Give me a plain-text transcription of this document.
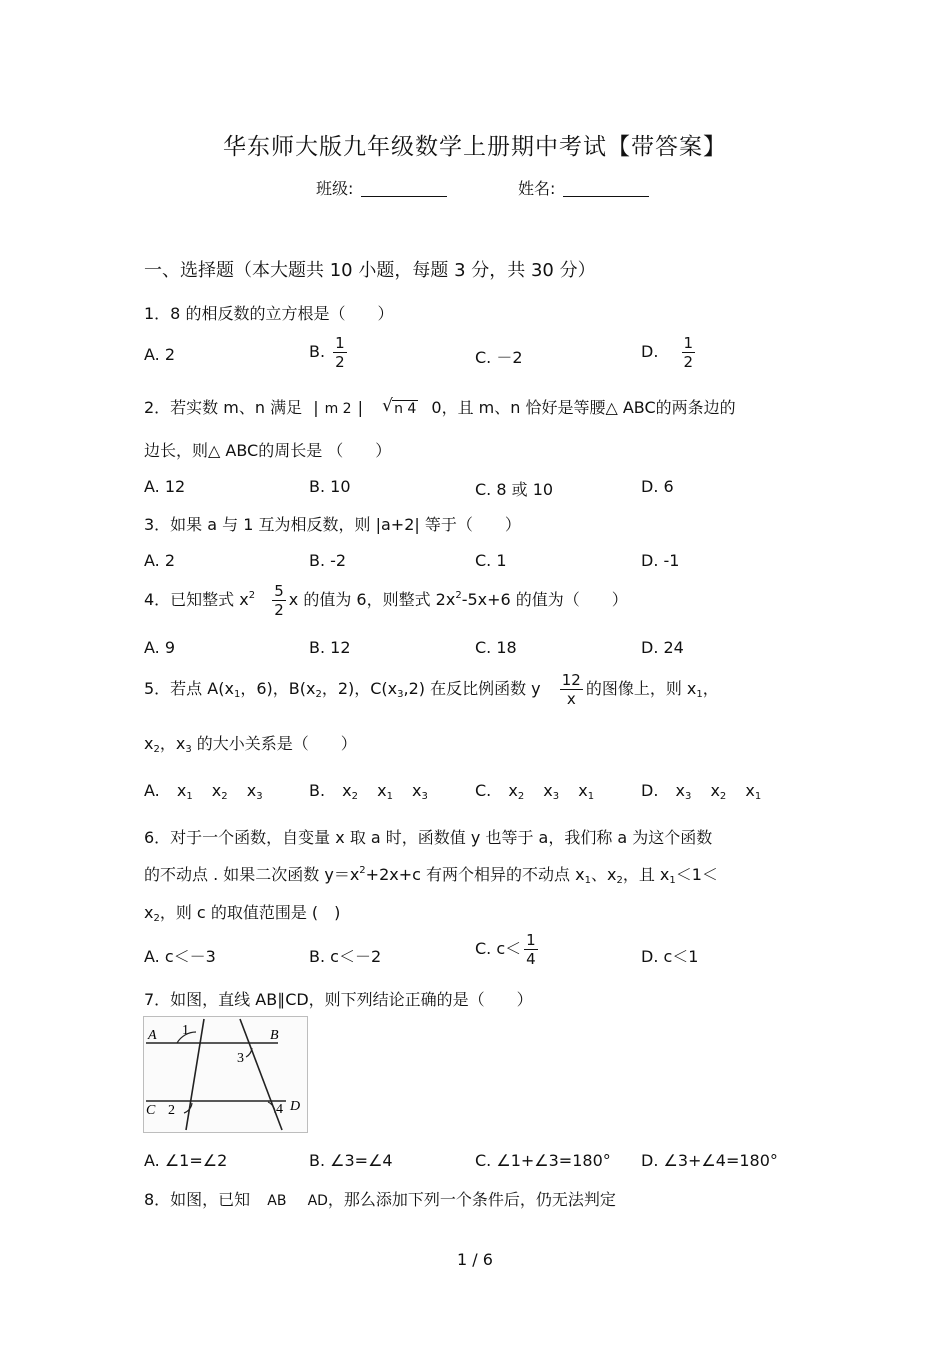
华东师大版九年级数学上册期中考试【带答案】
班级:	姓名:
一、选择题（本大题共 10 小题，每题 3 分，共 30 分）
1．8 的相反数的立方根是（　　）
A. 2	B. $\frac{1}{2}$	C. －2	D. $\frac{1}{2}$
2．若实数 m、n 满足 | m 2 | √ n 4 0，且 m、n 恰好是等腰△ ABC的两条边的
边长，则△ ABC的周长是 （　　）
A. 12	B. 10	C. 8 或 10	D. 6
3．如果 a 与 1 互为相反数，则 |a+2| 等于（　　）
A. 2	B. -2	C. 1	D. -1
4．已知整式 $x^2 \frac{5}{2}$ x 的值为 6，则整式 $2x^2-5x+6$ 的值为（　　）
A. 9	B. 12	C. 18	D. 24
5．若点 $A(x_1$，6)，$B(x_2$，2)，$C(x_3,2)$ 在反比例函数 y $\frac{12}{x}$ 的图像上，则 $x_1$，
$x_2$，$x_3$ 的大小关系是（　　）
A. $x_1$ $x_2$ $x_3$	B. $x_2$ $x_1$ $x_3$	C. $x_2$ $x_3$ $x_1$	D. $x_3$ $x_2$ $x_1$
6．对于一个函数，自变量 x 取 a 时，函数值 y 也等于 a，我们称 a 为这个函数
的不动点 . 如果二次函数 $y=x^2+2x+c$ 有两个相异的不动点 $x_1$、$x_2$，且 $x_1<1<$
$x_2$，则 c 的取值范围是 (　)
A. c＜－3	B. c＜－2	C. $c< \frac{1}{4}$	D. c＜1
7．如图，直线 AB∥CD，则下列结论正确的是（　　）
A	B
C	D
1
2
3
4
A. ∠1=∠2	B. ∠3=∠4	C. ∠1+∠3=180° D. ∠3+∠4=180°
8．如图，已知 AB AD，那么添加下列一个条件后，仍无法判定
1 / 6
